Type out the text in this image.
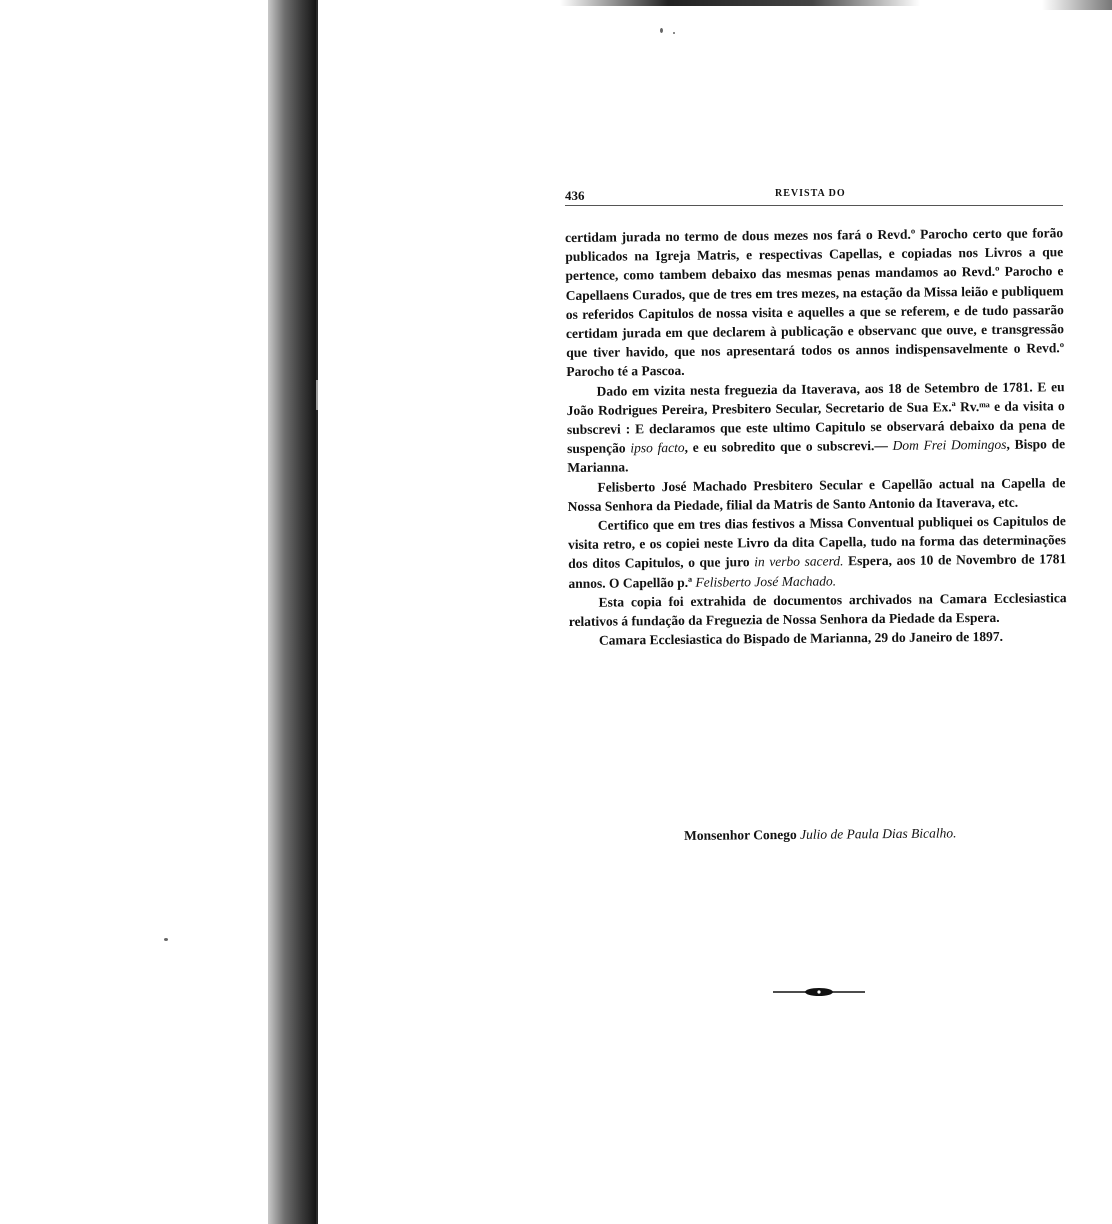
436	REVISTA DO

certidam jurada no termo de dous mezes nos fará o Revd.º Parocho certo que forão publicados na Igreja Matris, e respectivas Capellas, e copiadas nos Livros a que pertence, como tambem debaixo das mesmas penas mandamos ao Revd.º Parocho e Capellaens Curados, que de tres em tres mezes, na estação da Missa leião e publiquem os referidos Capitulos de nossa visita e aquelles a que se referem, e de tudo passarão certidam jurada em que declarem à publicação e observanc que ouve, e transgressão que tiver havido, que nos apresentará todos os annos indispensavelmente o Revd.º Parocho té a Pascoa.

Dado em vizita nesta freguezia da Itaverava, aos 18 de Setembro de 1781. E eu João Rodrigues Pereira, Presbitero Secular, Secretario de Sua Ex.ª Rv.ᵐᵃ e da visita o subscrevi : E declaramos que este ultimo Capitulo se observará debaixo da pena de suspenção ipso facto, e eu sobredito que o subscrevi.— Dom Frei Domingos, Bispo de Marianna.

Felisberto José Machado Presbitero Secular e Capellão actual na Capella de Nossa Senhora da Piedade, filial da Matris de Santo Antonio da Itaverava, etc.

Certifico que em tres dias festivos a Missa Conventual publiquei os Capitulos de visita retro, e os copiei neste Livro da dita Capella, tudo na forma das determinações dos ditos Capitulos, o que juro in verbo sacerd. Espera, aos 10 de Novembro de 1781 annos. O Capellão p.ª Felisberto José Machado.

Esta copia foi extrahida de documentos archivados na Camara Ecclesiastica relativos á fundação da Freguezia de Nossa Senhora da Piedade da Espera.

Camara Ecclesiastica do Bispado de Marianna, 29 do Janeiro de 1897.

Monsenhor Conego Julio de Paula Dias Bicalho.
